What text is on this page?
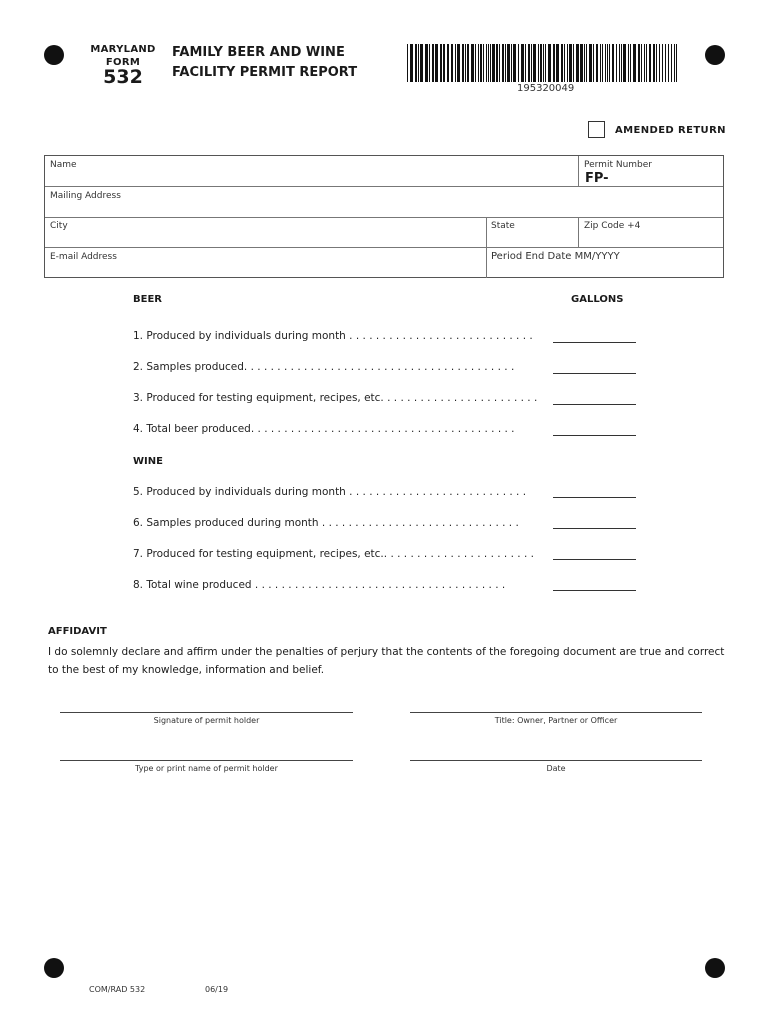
MARYLAND
FORM
532
FAMILY BEER AND WINE
FACILITY PERMIT REPORT
195320049
AMENDED RETURN
Name	Permit Number
FP-
Mailing Address
City	State	Zip Code +4
E-mail Address	Period End Date MM/YYYY
BEER	GALLONS
1. Produced by individuals during month . . . . . . . . . . . . . . . . . . . . . . . . . . . .
2. Samples produced. . . . . . . . . . . . . . . . . . . . . . . . . . . . . . . . . . . . . . . . .
3. Produced for testing equipment, recipes, etc. . . . . . . . . . . . . . . . . . . . . . . .
4. Total beer produced. . . . . . . . . . . . . . . . . . . . . . . . . . . . . . . . . . . . . . . .
WINE
5. Produced by individuals during month . . . . . . . . . . . . . . . . . . . . . . . . . . .
6. Samples produced during month . . . . . . . . . . . . . . . . . . . . . . . . . . . . . .
7. Produced for testing equipment, recipes, etc.. . . . . . . . . . . . . . . . . . . . . . .
8. Total wine produced . . . . . . . . . . . . . . . . . . . . . . . . . . . . . . . . . . . . . .
AFFIDAVIT
I do solemnly declare and affirm under the penalties of perjury that the contents of the foregoing document are true and correct to the best of my knowledge, information and belief.
Signature of permit holder	Title: Owner, Partner or Officer
Type or print name of permit holder	Date
COM/RAD 532	06/19
